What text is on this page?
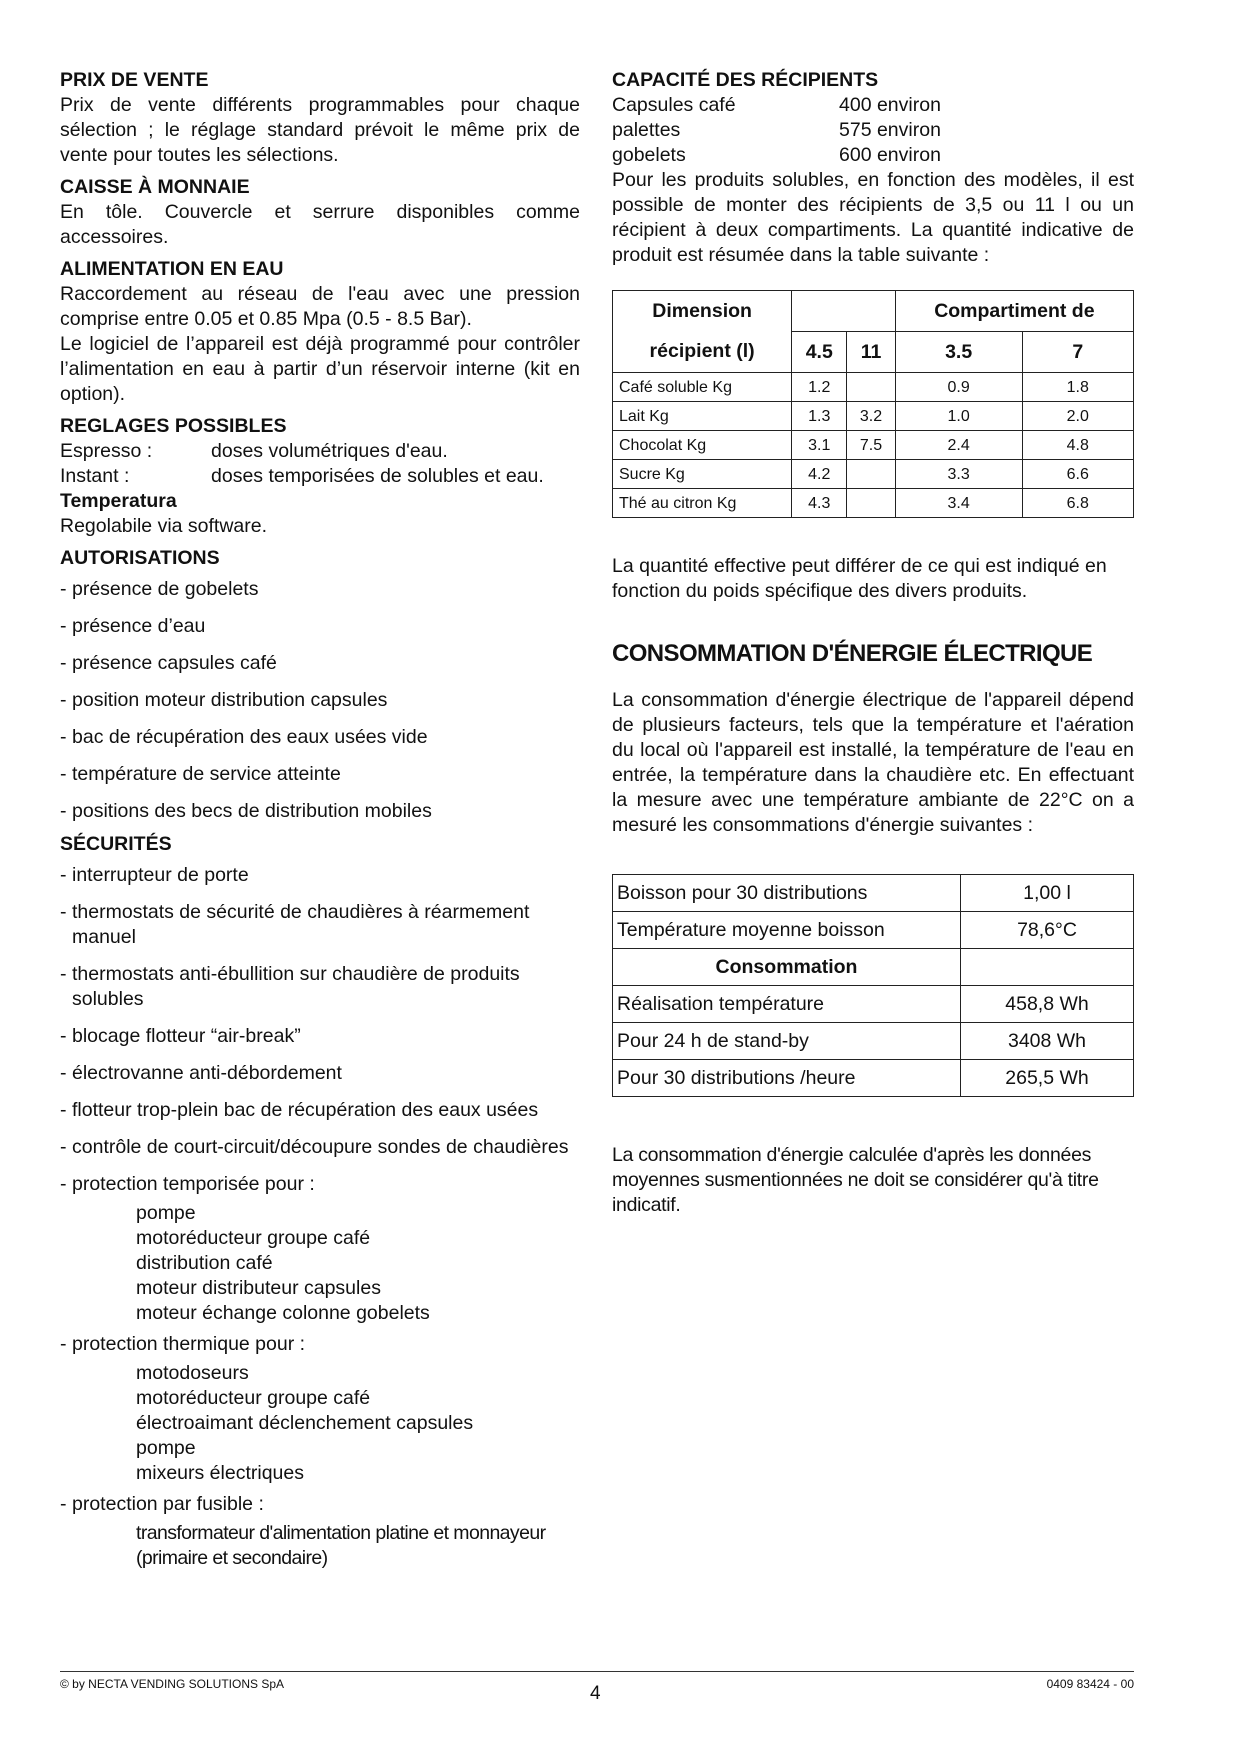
PRIX DE VENTE

Prix de vente différents programmables pour chaque sélection ; le réglage standard prévoit le même prix de vente pour toutes les sélections.

CAISSE À MONNAIE

En tôle. Couvercle et serrure disponibles comme accessoires.

ALIMENTATION EN EAU

Raccordement au réseau de l'eau avec une pression comprise entre 0.05 et 0.85 Mpa (0.5 - 8.5 Bar).

Le logiciel de l’appareil est déjà programmé pour contrôler l’alimentation en eau à partir d’un réservoir interne (kit en option).

REGLAGES POSSIBLES

Espresso :	doses volumétriques d'eau.
Instant :	doses temporisées de solubles et eau.

Temperatura

Regolabile via software.

AUTORISATIONS

- présence de gobelets
- présence d’eau
- présence capsules café
- position moteur distribution capsules
- bac de récupération des eaux usées vide
- température de service atteinte
- positions des becs de distribution mobiles

SÉCURITÉS

- interrupteur de porte
- thermostats de sécurité de chaudières à réarmement manuel
- thermostats anti-ébullition sur chaudière de produits solubles
- blocage flotteur “air-break”
- électrovanne anti-débordement
- flotteur trop-plein bac de récupération des eaux usées
- contrôle de court-circuit/découpure sondes de chaudières
- protection temporisée pour :

pompe

motoréducteur groupe café

distribution café

moteur distributeur capsules

moteur échange colonne gobelets

- protection thermique pour :

motodoseurs

motoréducteur groupe café

électroaimant déclenchement capsules

pompe

mixeurs électriques

- protection par fusible :

transformateur d'alimentation platine et monnayeur (primaire et secondaire)

CAPACITÉ DES RÉCIPIENTS

Capsules café	400 environ
palettes	575 environ
gobelets	600 environ

Pour les produits solubles, en fonction des modèles, il est possible de monter des récipients de 3,5 ou 11 l ou un récipient à deux compartiments. La quantité indicative de produit est résumée dans la table suivante :

Dimension			Compartiment de	
récipient (l)	4.5	11	3.5	7
Café soluble Kg	1.2		0.9	1.8
Lait Kg	1.3	3.2	1.0	2.0
Chocolat Kg	3.1	7.5	2.4	4.8
Sucre Kg	4.2		3.3	6.6
Thé au citron Kg	4.3		3.4	6.8

La quantité effective peut différer de ce qui est indiqué en fonction du poids spécifique des divers produits.

CONSOMMATION D'ÉNERGIE ÉLECTRIQUE

La consommation d'énergie électrique de l'appareil dépend de plusieurs facteurs, tels que la température et l'aération du local où l'appareil est installé, la température de l'eau en entrée, la température dans la chaudière etc. En effectuant la mesure avec une température ambiante de 22°C on a mesuré les consommations d'énergie suivantes :

Boisson pour 30 distributions	1,00 l
Température moyenne boisson	78,6°C
Consommation	
Réalisation température	458,8 Wh
Pour 24 h de stand-by	3408 Wh
Pour 30 distributions /heure	265,5 Wh

La consommation d'énergie calculée d'après les données moyennes susmentionnées ne doit se considérer qu'à titre indicatif.

© by NECTA VENDING SOLUTIONS SpA	4	0409 83424 - 00
